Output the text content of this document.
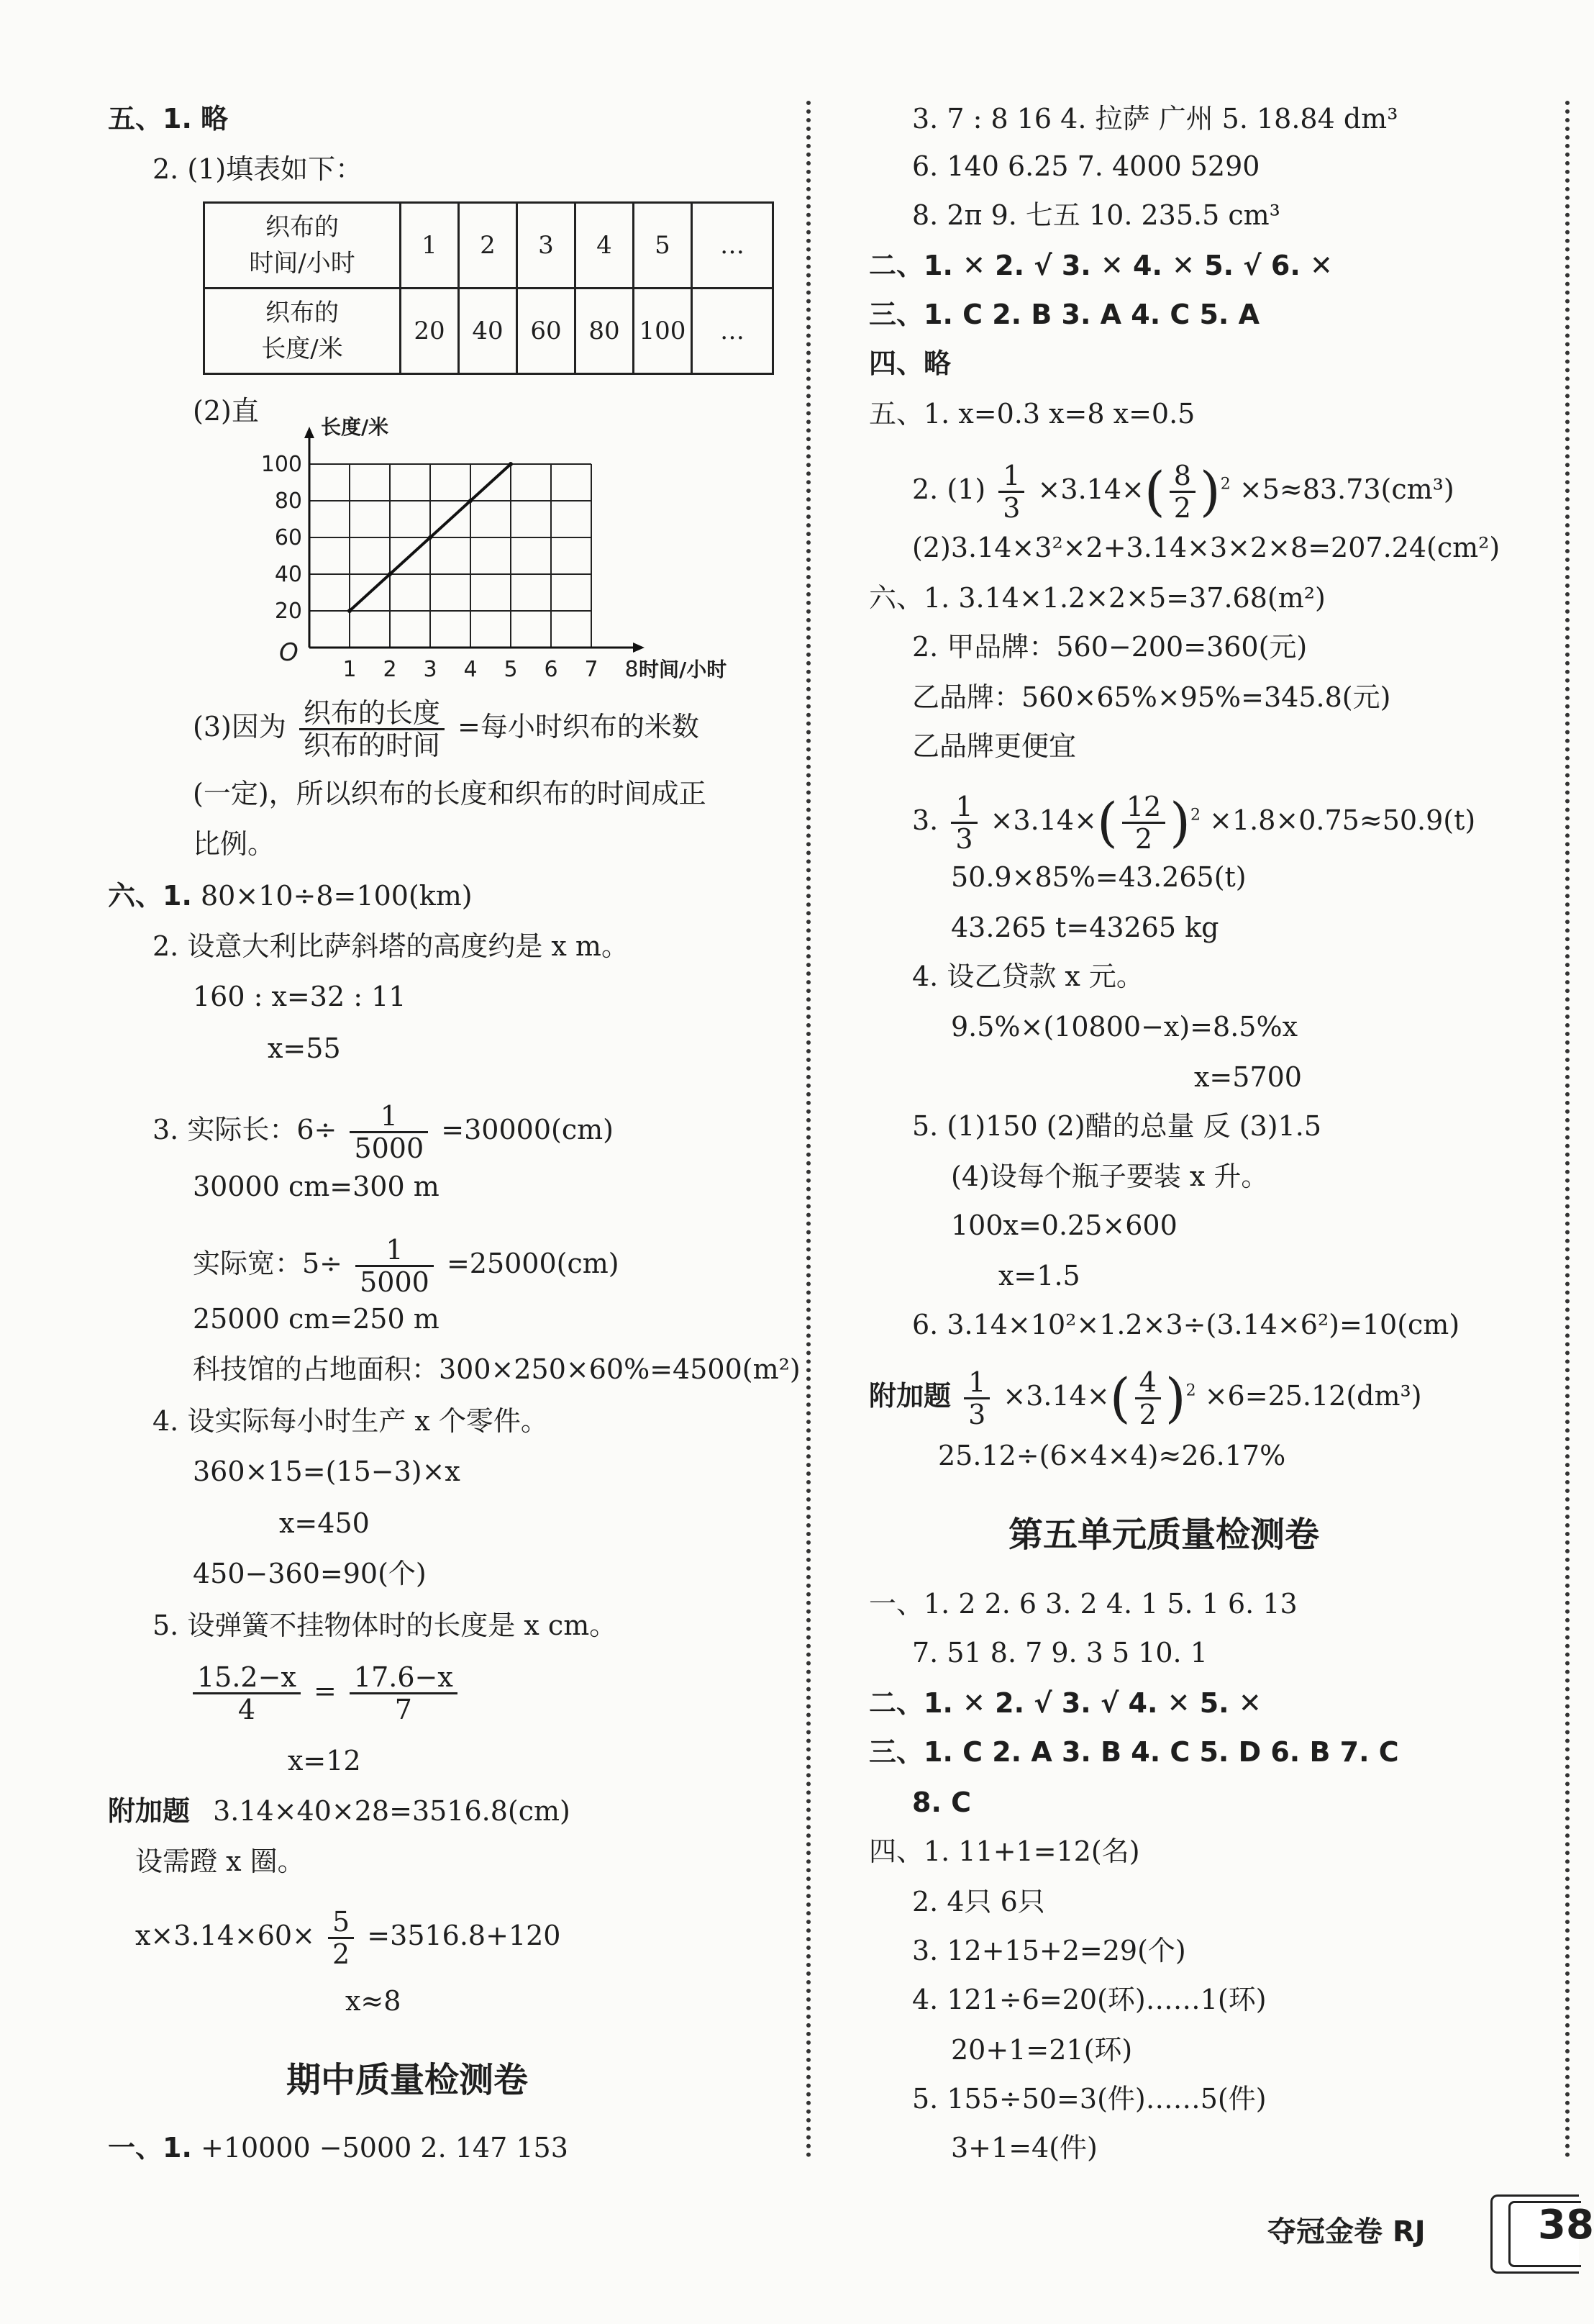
五、1. 略
2. (1)填表如下：
织布的
时间/小时	1	2	3	4	5	…

织布的
长度/米	20	40	60	80	100	…
(2)直
1 2 3 4 5 6 7 8
20
40
60
80
100
O
时间/小时
长度/米
(3)因为 $\frac{\text{织布的长度}}{\text{织布的时间}}$ =每小时织布的米数
(一定)，所以织布的长度和织布的时间成正
比例。
六、1. 80×10÷8=100(km)
2. 设意大利比萨斜塔的高度约是 x m。
160 : x=32 : 11
x=55
3. 实际长：$6\div \frac{1}{5000} =30000(cm)$
30000 cm=300 m
实际宽：$5\div \frac{1}{5000} =25000(cm)$
25000 cm=250 m
科技馆的占地面积：300×250×60%=4500(m²)
4. 设实际每小时生产 x 个零件。
360×15=(15−3)×x
x=450
450−360=90(个)
5. 设弹簧不挂物体时的长度是 x cm。
$\frac{15.2-x}{4} = \frac{17.6-x}{7}$
x=12
附加题 3.14×40×28=3516.8(cm)
设需蹬 x 圈。
$x\times 3.14\times 60\times \frac{5}{2} =3516.8+120$
x≈8
期中质量检测卷
一、1. +10000 −5000 2. 147 153
3. 7 : 8 16 4. 拉萨 广州 5. 18.84 dm³
6. 140 6.25 7. 4000 5290
8. 2π 9. 七五 10. 235.5 cm³
二、1. ✕ 2. √ 3. ✕ 4. ✕ 5. √ 6. ✕
三、1. C 2. B 3. A 4. C 5. A
四、略
五、1. x=0.3 x=8 x=0.5
2. $(1) \frac{1}{3} \times 3.14\times( \frac{8}{2} )^2 \times 5\approx 83.73(cm^3)$
(2)3.14×3²×2+3.14×3×2×8=207.24(cm²)
六、1. 3.14×1.2×2×5=37.68(m²)
2. 甲品牌：560−200=360(元)
乙品牌：560×65%×95%=345.8(元)
乙品牌更便宜
3. $\frac{1}{3} \times 3.14\times( \frac{12}{2} )^2 \times 1.8\times 0.75\approx 50.9(t)$
50.9×85%=43.265(t)
43.265 t=43265 kg
4. 设乙贷款 x 元。
9.5%×(10800−x)=8.5%x
x=5700
5. (1)150 (2)醋的总量 反 (3)1.5
(4)设每个瓶子要装 x 升。
100x=0.25×600
x=1.5
6. 3.14×10²×1.2×3÷(3.14×6²)=10(cm)
附加题 $\frac{1}{3} \times 3.14\times( \frac{4}{2} )^2 \times 6=25.12(dm^3)$
25.12÷(6×4×4)≈26.17%
第五单元质量检测卷
一、1. 2 2. 6 3. 2 4. 1 5. 1 6. 13
7. 51 8. 7 9. 3 5 10. 1
二、1. ✕ 2. √ 3. √ 4. ✕ 5. ✕
三、1. C 2. A 3. B 4. C 5. D 6. B 7. C
8. C
四、1. 11+1=12(名)
2. 4只 6只
3. 12+15+2=29(个)
4. 121÷6=20(环)……1(环)
20+1=21(环)
5. 155÷50=3(件)……5(件)
3+1=4(件)
夺冠金卷 RJ	38
